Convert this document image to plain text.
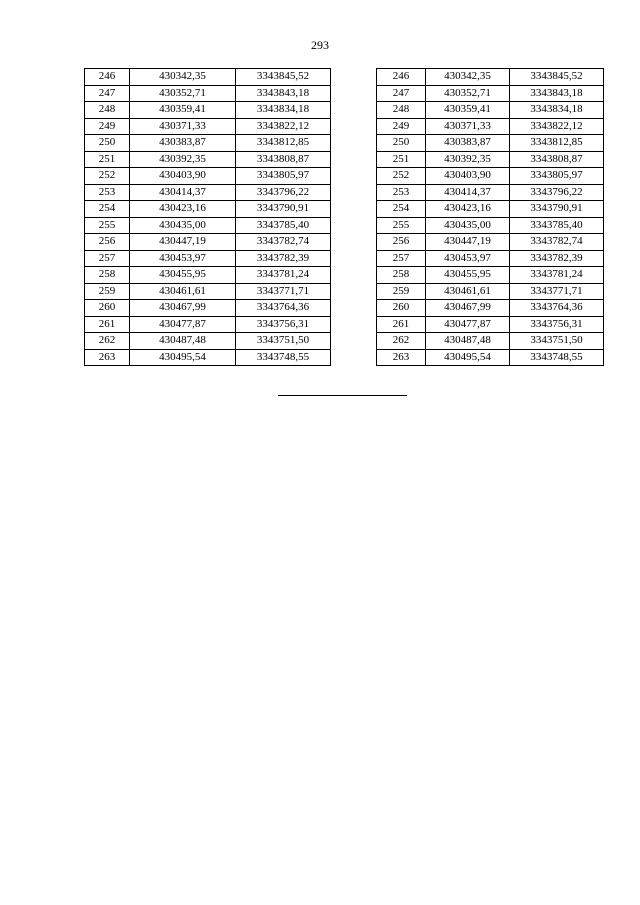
293
246	430342,35	3343845,52
247	430352,71	3343843,18
248	430359,41	3343834,18
249	430371,33	3343822,12
250	430383,87	3343812,85
251	430392,35	3343808,87
252	430403,90	3343805,97
253	430414,37	3343796,22
254	430423,16	3343790,91
255	430435,00	3343785,40
256	430447,19	3343782,74
257	430453,97	3343782,39
258	430455,95	3343781,24
259	430461,61	3343771,71
260	430467,99	3343764,36
261	430477,87	3343756,31
262	430487,48	3343751,50
263	430495,54	3343748,55
246	430342,35	3343845,52
247	430352,71	3343843,18
248	430359,41	3343834,18
249	430371,33	3343822,12
250	430383,87	3343812,85
251	430392,35	3343808,87
252	430403,90	3343805,97
253	430414,37	3343796,22
254	430423,16	3343790,91
255	430435,00	3343785,40
256	430447,19	3343782,74
257	430453,97	3343782,39
258	430455,95	3343781,24
259	430461,61	3343771,71
260	430467,99	3343764,36
261	430477,87	3343756,31
262	430487,48	3343751,50
263	430495,54	3343748,55
